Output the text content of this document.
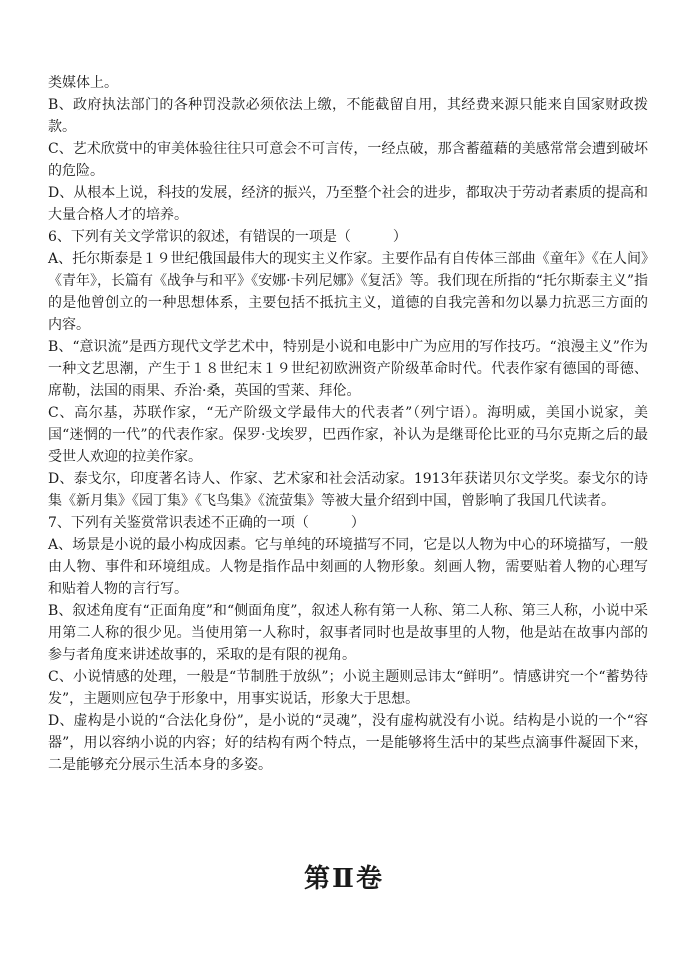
类媒体上。

B、政府执法部门的各种罚没款必须依法上缴，不能截留自用，其经费来源只能来自国家财政拨款。

C、艺术欣赏中的审美体验往往只可意会不可言传，一经点破，那含蓄蕴藉的美感常常会遭到破坏的危险。

D、从根本上说，科技的发展，经济的振兴，乃至整个社会的进步，都取决于劳动者素质的提高和大量合格人才的培养。

6、下列有关文学常识的叙述，有错误的一项是（　　　）

A、托尔斯泰是１９世纪俄国最伟大的现实主义作家。主要作品有自传体三部曲《童年》《在人间》《青年》，长篇有《战争与和平》《安娜·卡列尼娜》《复活》等。我们现在所指的“托尔斯泰主义”指的是他曾创立的一种思想体系，主要包括不抵抗主义，道德的自我完善和勿以暴力抗恶三方面的内容。

B、“意识流”是西方现代文学艺术中，特别是小说和电影中广为应用的写作技巧。“浪漫主义”作为一种文艺思潮，产生于１８世纪末１９世纪初欧洲资产阶级革命时代。代表作家有德国的哥德、席勒，法国的雨果、乔治·桑，英国的雪莱、拜伦。

C、高尔基，苏联作家，“无产阶级文学最伟大的代表者”（列宁语）。海明威，美国小说家，美国“迷惘的一代”的代表作家。保罗·戈埃罗，巴西作家，补认为是继哥伦比亚的马尔克斯之后的最受世人欢迎的拉美作家。

D、泰戈尔，印度著名诗人、作家、艺术家和社会活动家。1913年获诺贝尔文学奖。泰戈尔的诗集《新月集》《园丁集》《飞鸟集》《流萤集》等被大量介绍到中国，曾影响了我国几代读者。

7、下列有关鉴赏常识表述不正确的一项（　　　）

A、场景是小说的最小构成因素。它与单纯的环境描写不同，它是以人物为中心的环境描写，一般由人物、事件和环境组成。人物是指作品中刻画的人物形象。刻画人物，需要贴着人物的心理写和贴着人物的言行写。

B、叙述角度有“正面角度”和“侧面角度”，叙述人称有第一人称、第二人称、第三人称，小说中采用第二人称的很少见。当使用第一人称时，叙事者同时也是故事里的人物，他是站在故事内部的参与者角度来讲述故事的，采取的是有限的视角。

C、小说情感的处理，一般是“节制胜于放纵”；小说主题则忌讳太“鲜明”。情感讲究一个“蓄势待发”，主题则应包孕于形象中，用事实说话，形象大于思想。

D、虚构是小说的“合法化身份”，是小说的“灵魂”，没有虚构就没有小说。结构是小说的一个“容器”，用以容纳小说的内容；好的结构有两个特点，一是能够将生活中的某些点滴事件凝固下来，二是能够充分展示生活本身的多姿。

第Ⅱ卷
